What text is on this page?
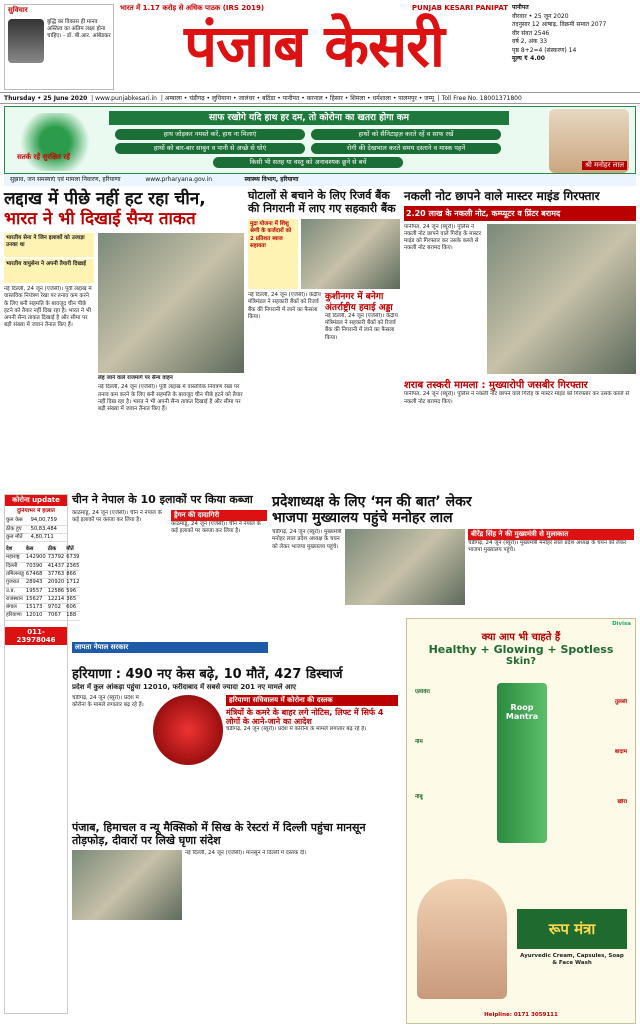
सुविचार
बुद्धि का विकास ही मानव अस्तित्व का अंतिम लक्ष्य होना चाहिए। - डॉ. बी.आर. आंबेडकर
भारत में 1.17 करोड़ से अधिक पाठक (IRS 2019)	PUNJAB KESARI PANIPAT
पंजाब केसरी
पानीपत
वीरवार • 25 जून 2020
तदनुसार 12 आषाढ़, विक्रमी सम्वत 2077
वीर संवत 2546
वर्ष 2, अंक 33
पृष्ठ 8+2=4 (संस्करण) 14
मूल्य ₹ 4.00
Thursday • 25 June 2020  | www.punjabkesari.in  | अम्बाला • चंडीगढ़ • लुधियाना • जालंधर • बठिंडा • पानीपत • करनाल • हिसार • शिमला • धर्मशाला • पालमपुर • जम्मू  | Toll Free No. 18001371800
सतर्क रहें सुरक्षित रहें
साफ रखोगे यदि हाथ हर दम, तो कोरोना का खतरा होगा कम
हाथ जोड़कर नमस्ते करें, हाथ ना मिलाएं	हाथों को सैनिटाइज़ करते रहें व साफ रखें
हाथों को बार-बार साबुन व पानी से अच्छे से धोएं	रोगी की देखभाल करते समय दस्ताने व मास्क पहनें
किसी भी सतह या वस्तु को अनावश्यक छूने से बचें	श्री मनोहर लाल
सुझाव, जन समस्याएं एवं मामला निवारण, हरियाणा	www.prharyana.gov.in	स्वास्थ्य विभाग, हरियाणा
लद्दाख में पीछे नहीं हट रहा चीन,
भारत ने भी दिखाई सैन्य ताकत
भारतीय सेना ने जिन इलाकों को उजाड़ा उनका था
भारतीय वायुसेना ने अपनी तैयारी दिखाई
नई दिल्ली, 24 जून (एजेंसी)। पूर्वी लद्दाख में वास्तविक नियंत्रण रेखा पर तनाव कम करने के लिए बनी सहमति के बावजूद चीन पीछे हटने को तैयार नहीं दिख रहा है। भारत ने भी अपनी सैन्य ताकत दिखाई है और सीमा पर बड़ी संख्या में जवान तैनात किए हैं।
लेह जाने वाले राजमार्ग पर सैन्य वाहन
नई दिल्ली, 24 जून (एजेंसी)। पूर्वी लद्दाख में वास्तविक नियंत्रण रेखा पर तनाव कम करने के लिए बनी सहमति के बावजूद चीन पीछे हटने को तैयार नहीं दिख रहा है। भारत ने भी अपनी सैन्य ताकत दिखाई है और सीमा पर बड़ी संख्या में जवान तैनात किए हैं।
घोटालों से बचाने के लिए रिजर्व बैंक की निगरानी में लाए गए सहकारी बैंक
मुद्रा योजना में शिशु श्रेणी के कर्जदारों को 2 प्रतिशत ब्याज सहायता
नई दिल्ली, 24 जून (एजेंसी)। केंद्रीय मंत्रिमंडल ने सहकारी बैंकों को रिजर्व बैंक की निगरानी में लाने का फैसला किया।
कुशीनगर में बनेगा अंतर्राष्ट्रीय हवाई अड्डा
नई दिल्ली, 24 जून (एजेंसी)। केंद्रीय मंत्रिमंडल ने सहकारी बैंकों को रिजर्व बैंक की निगरानी में लाने का फैसला किया।
नकली नोट छापने वाले मास्टर माइंड गिरफ्तार
2.20 लाख के नकली नोट, कम्प्यूटर व प्रिंटर बरामद
पानीपत, 24 जून (ब्यूरो)। पुलिस ने नकली नोट छापने वाले गिरोह के मास्टर माइंड को गिरफ्तार कर उसके कब्जे से नकली नोट बरामद किए।
शराब तस्करी मामला : मुख्यारोपी जसबीर गिरफ्तार
पानीपत, 24 जून (ब्यूरो)। पुलिस ने नकली नोट छापने वाले गिरोह के मास्टर माइंड को गिरफ्तार कर उसके कब्जे से नकली नोट बरामद किए।
कोरोना update
दुनियाभर में हालात
कुल केस	94,00,759
ठीक हुए	50,83,484
कुल मौतें	4,80,711
देश	केस	ठीक	मौतें
महाराष्ट्र	142900	73792	6739
दिल्ली	70390	41437	2365
तमिलनाडु	67468	37763	866
गुजरात	28943	20920	1712
उ.प्र.	19557	12586	596
राजस्थान	15627	12214	365
बंगाल	15173	9702	606
हरियाणा	12010	7067	188
011-23978046
चीन ने नेपाल के 10 इलाकों पर किया कब्जा
काठमांडू, 24 जून (एजेंसी)। चीन ने नेपाल के कई इलाकों पर कब्जा कर लिया है।
ड्रैगन की दादागिरी
काठमांडू, 24 जून (एजेंसी)। चीन ने नेपाल के कई इलाकों पर कब्जा कर लिया है।
लापता नेपाल सरकार
प्रदेशाध्यक्ष के लिए ‘मन की बात’ लेकर
भाजपा मुख्यालय पहुंचे मनोहर लाल
चंडीगढ़, 24 जून (ब्यूरो)। मुख्यमंत्री मनोहर लाल प्रदेश अध्यक्ष के चयन को लेकर भाजपा मुख्यालय पहुंचे।
बीरेंद्र सिंह ने की मुख्यमंत्री से मुलाकात
चंडीगढ़, 24 जून (ब्यूरो)। मुख्यमंत्री मनोहर लाल प्रदेश अध्यक्ष के चयन को लेकर भाजपा मुख्यालय पहुंचे।
हरियाणा : 490 नए केस बढ़े, 10 मौतें, 427 डिस्चार्ज
प्रदेश में कुल आंकड़ा पहुंचा 12010, फरीदाबाद में सबसे ज्यादा 201 नए मामले आए
चंडीगढ़, 24 जून (ब्यूरो)। प्रदेश में कोरोना के मामले लगातार बढ़ रहे हैं।
हरियाणा सचिवालय में कोरोना की दस्तक
मंत्रियों के कमरे के बाहर लगे नोटिस, लिफ्ट में सिर्फ 4 लोगों के आने-जाने का आदेश
चंडीगढ़, 24 जून (ब्यूरो)। प्रदेश में कोरोना के मामले लगातार बढ़ रहे हैं।
पंजाब, हिमाचल व न्यू मैक्सिको में सिख के रेस्टरां में दिल्ली पहुंचा मानसून तोड़फोड़, दीवारों पर लिखे घृणा संदेश
नई दिल्ली, 24 जून (एजेंसी)। मानसून ने दिल्ली में दस्तक दी।
Divisa
क्या आप भी चाहते हैं
Healthy + Glowing + Spotless
Skin?
Roop Mantra
एलोवेरा
नीम
नींबू
तुलसी
बादाम
खीरा
रूप मंत्रा
Ayurvedic Cream, Capsules, Soap & Face Wash
Helpline: 0171 3059111
